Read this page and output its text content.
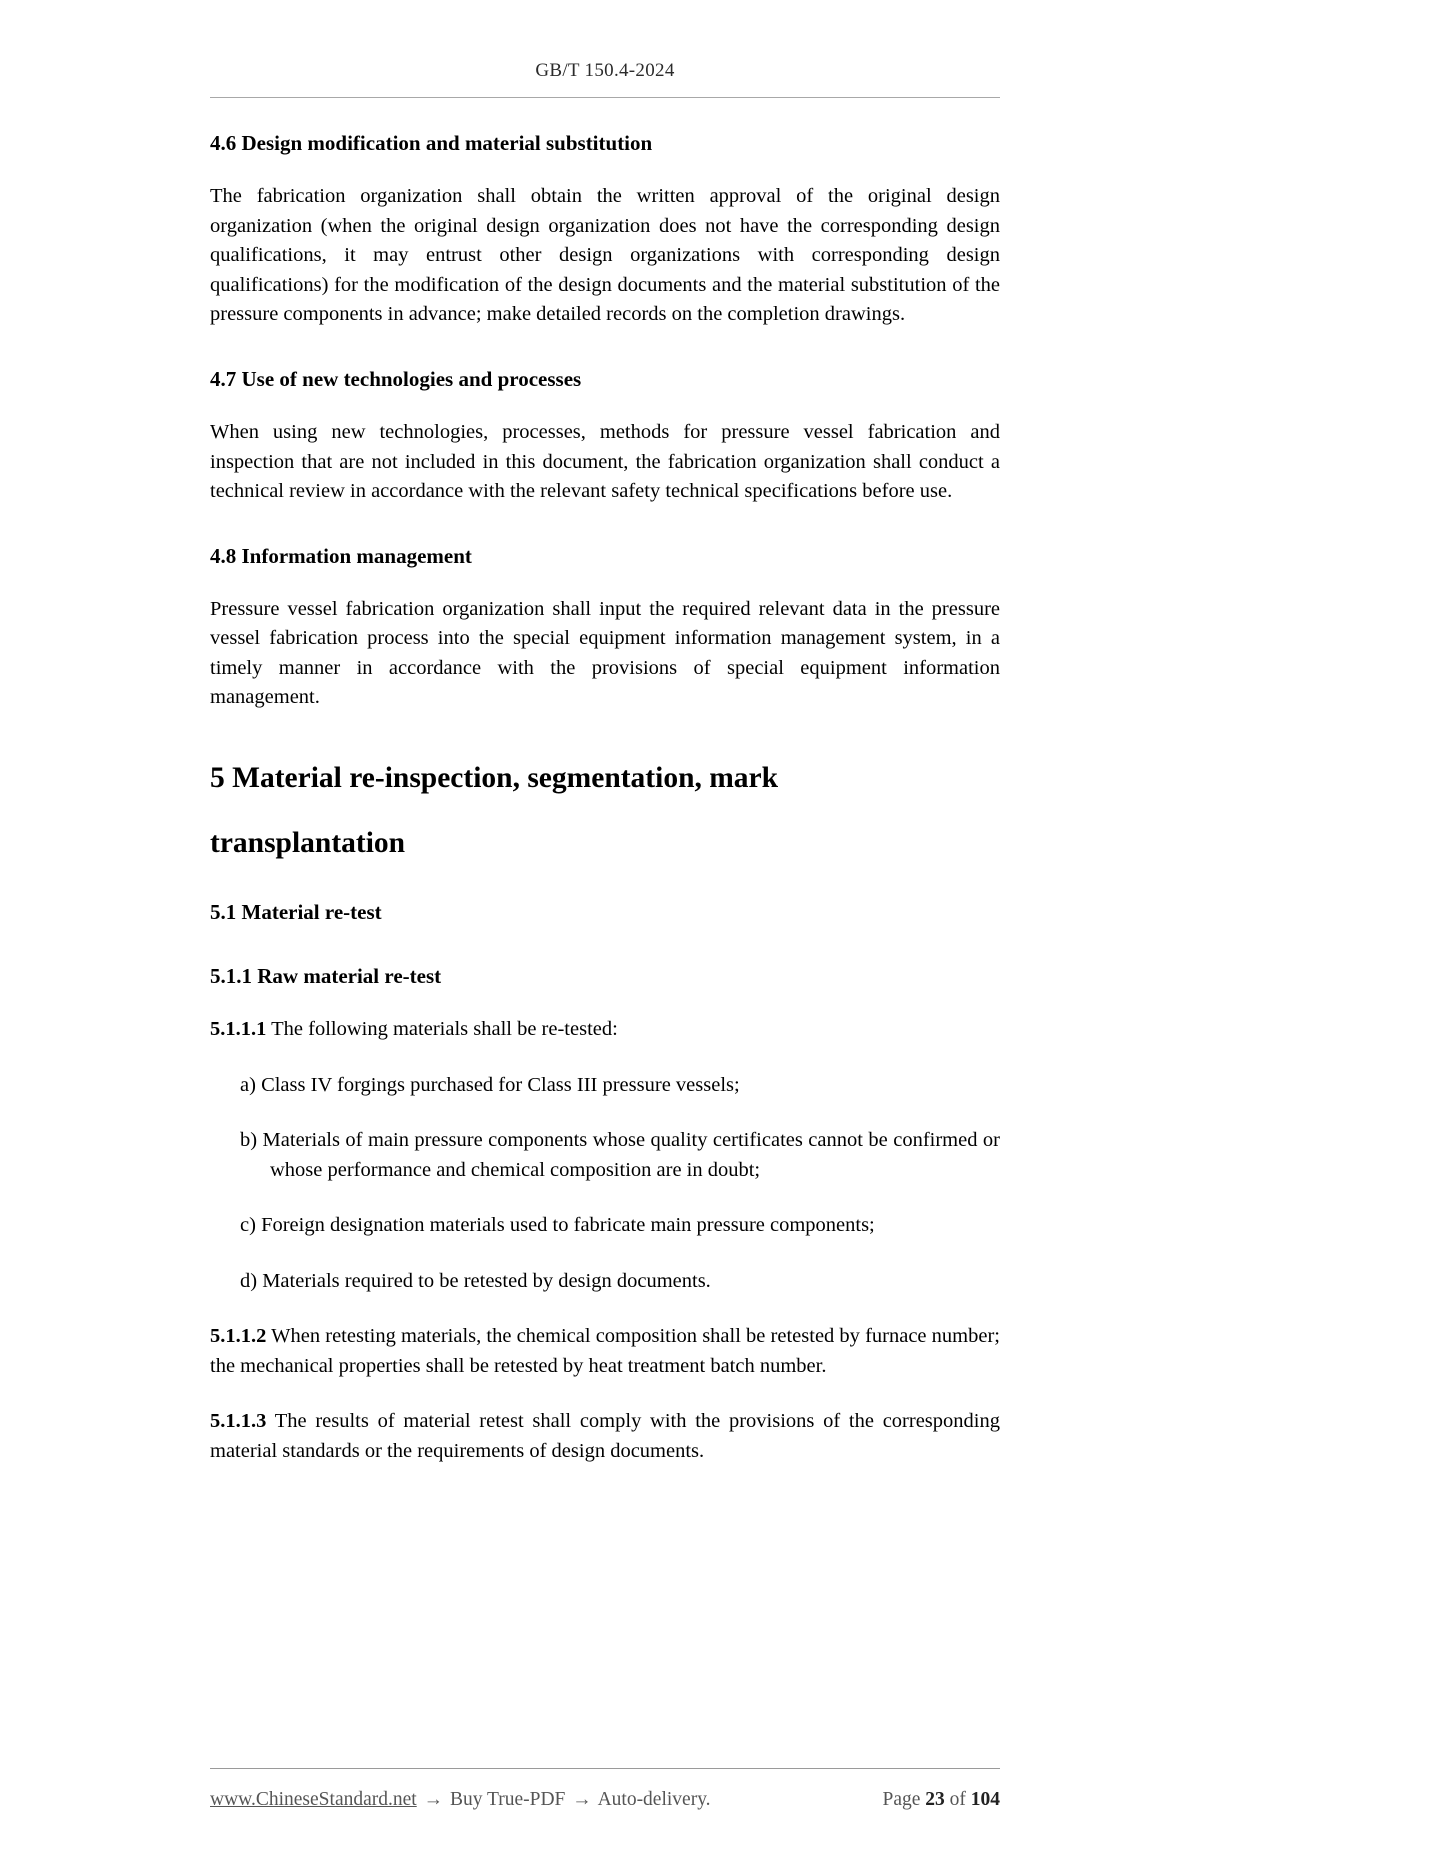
GB/T 150.4-2024
4.6 Design modification and material substitution

The fabrication organization shall obtain the written approval of the original design organization (when the original design organization does not have the corresponding design qualifications, it may entrust other design organizations with corresponding design qualifications) for the modification of the design documents and the material substitution of the pressure components in advance; make detailed records on the completion drawings.

4.7 Use of new technologies and processes

When using new technologies, processes, methods for pressure vessel fabrication and inspection that are not included in this document, the fabrication organization shall conduct a technical review in accordance with the relevant safety technical specifications before use.

4.8 Information management

Pressure vessel fabrication organization shall input the required relevant data in the pressure vessel fabrication process into the special equipment information management system, in a timely manner in accordance with the provisions of special equipment information management.

5 Material re-inspection, segmentation, mark
transplantation
5.1 Material re-test
5.1.1 Raw material re-test

5.1.1.1 The following materials shall be re-tested:

a) Class IV forgings purchased for Class III pressure vessels;
b) Materials of main pressure components whose quality certificates cannot be confirmed or whose performance and chemical composition are in doubt;
c) Foreign designation materials used to fabricate main pressure components;
d) Materials required to be retested by design documents.

5.1.1.2 When retesting materials, the chemical composition shall be retested by furnace number; the mechanical properties shall be retested by heat treatment batch number.

5.1.1.3 The results of material retest shall comply with the provisions of the corresponding material standards or the requirements of design documents.

www.ChineseStandard.net → Buy True-PDF → Auto-delivery.	Page 23 of 104
